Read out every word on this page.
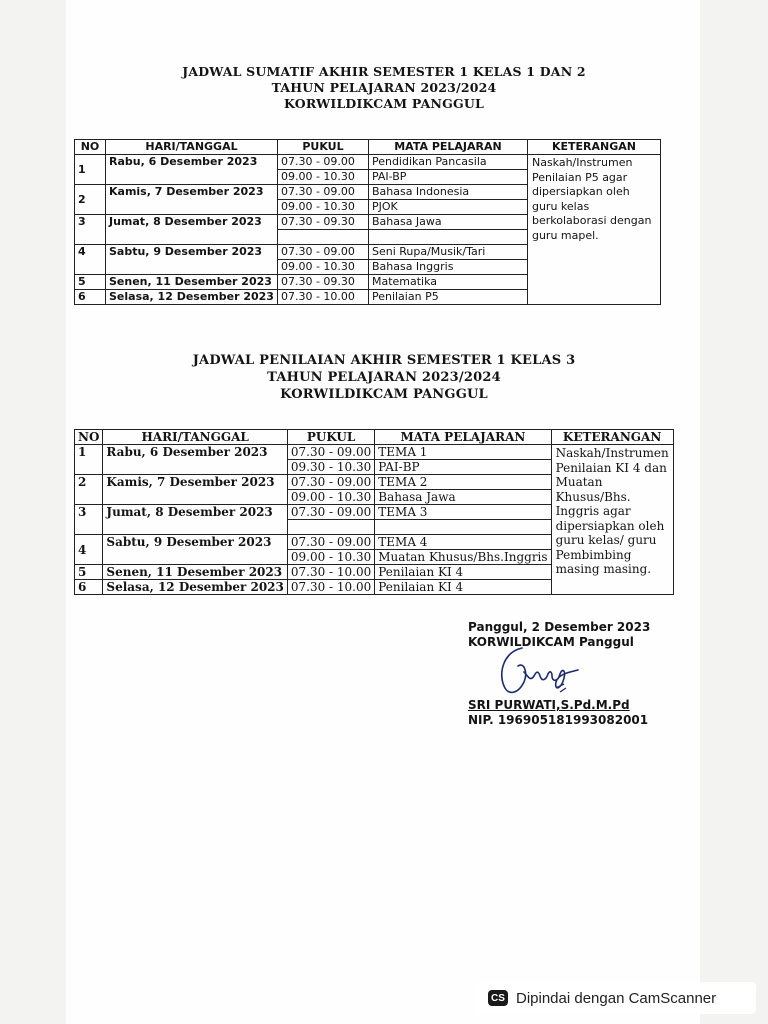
JADWAL SUMATIF AKHIR SEMESTER 1 KELAS 1 DAN 2
TAHUN PELAJARAN 2023/2024
KORWILDIKCAM PANGGUL
NO	HARI/TANGGAL	PUKUL	MATA PELAJARAN	KETERANGAN
1	Rabu, 6 Desember 2023	07.30 - 09.00	Pendidikan Pancasila	Naskah/Instrumen Penilaian P5 agar dipersiapkan oleh guru kelas berkolaborasi dengan guru mapel.
		09.00 - 10.30	PAI-BP	
2	Kamis, 7 Desember 2023	07.30 - 09.00	Bahasa Indonesia	
		09.00 - 10.30	PJOK	
3	Jumat, 8 Desember 2023	07.30 - 09.30	Bahasa Jawa	

4	Sabtu, 9 Desember 2023	07.30 - 09.00	Seni Rupa/Musik/Tari	
		09.00 - 10.30	Bahasa Inggris	
5	Senen, 11 Desember 2023	07.30 - 09.30	Matematika	
6	Selasa, 12 Desember 2023	07.30 - 10.00	Penilaian P5	
JADWAL PENILAIAN AKHIR SEMESTER 1 KELAS 3
TAHUN PELAJARAN 2023/2024
KORWILDIKCAM PANGGUL
NO	HARI/TANGGAL	PUKUL	MATA PELAJARAN	KETERANGAN
1	Rabu, 6 Desember 2023	07.30 - 09.00	TEMA 1	Naskah/Instrumen Penilaian KI 4 dan Muatan Khusus/Bhs. Inggris agar dipersiapkan oleh guru kelas/ guru Pembimbing masing masing.
		09.30 - 10.30	PAI-BP	
2	Kamis, 7 Desember 2023	07.30 - 09.00	TEMA 2	
		09.00 - 10.30	Bahasa Jawa	
3	Jumat, 8 Desember 2023	07.30 - 09.00	TEMA 3	

4	Sabtu, 9 Desember 2023	07.30 - 09.00	TEMA 4	
		09.00 - 10.30	Muatan Khusus/Bhs.Inggris	
5	Senen, 11 Desember 2023	07.30 - 10.00	Penilaian KI 4	
6	Selasa, 12 Desember 2023	07.30 - 10.00	Penilaian KI 4	
Panggul, 2 Desember 2023
KORWILDIKCAM Panggul
SRI PURWATI,S.Pd.M.Pd
NIP. 196905181993082001
CS Dipindai dengan CamScanner
